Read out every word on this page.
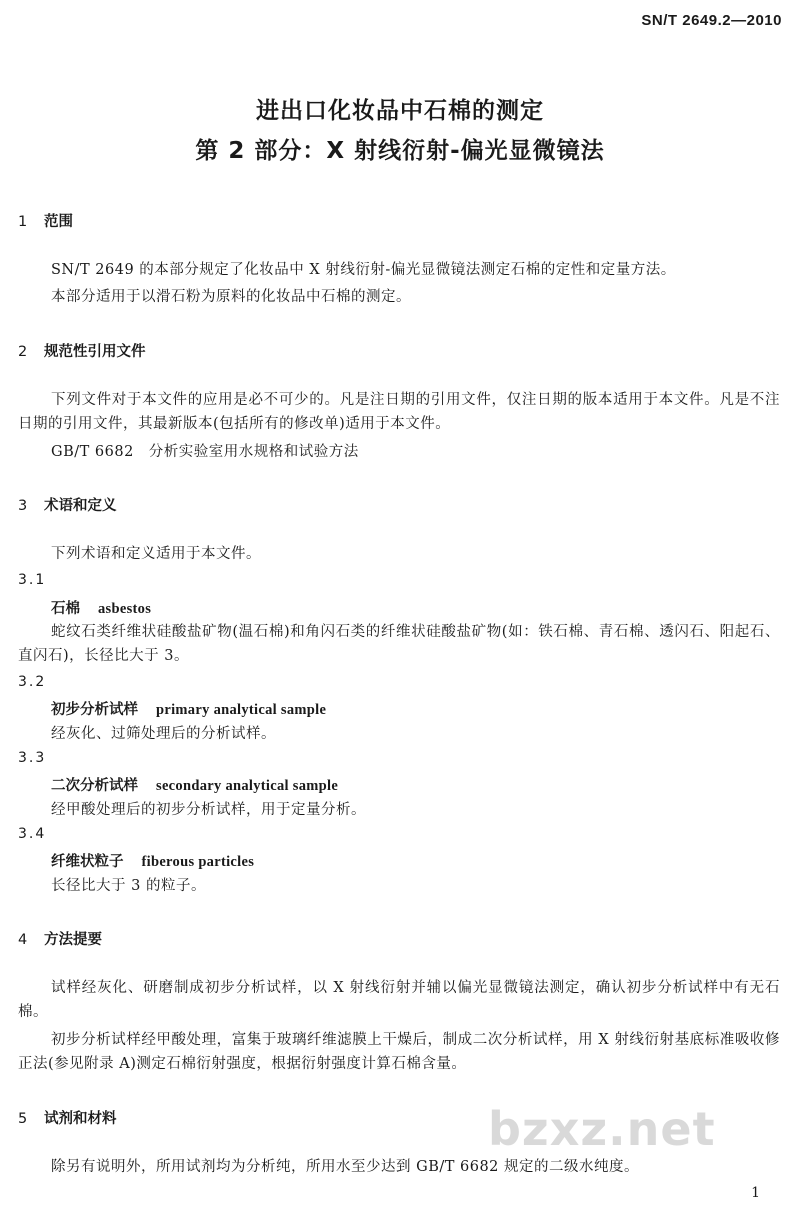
SN/T 2649.2—2010
进出口化妆品中石棉的测定
第 2 部分：X 射线衍射-偏光显微镜法
1 范围

SN/T 2649 的本部分规定了化妆品中 X 射线衍射-偏光显微镜法测定石棉的定性和定量方法。

本部分适用于以滑石粉为原料的化妆品中石棉的测定。

2 规范性引用文件

下列文件对于本文件的应用是必不可少的。凡是注日期的引用文件，仅注日期的版本适用于本文件。凡是不注日期的引用文件，其最新版本(包括所有的修改单)适用于本文件。

GB/T 6682　分析实验室用水规格和试验方法
3 术语和定义

下列术语和定义适用于本文件。

3.1
石棉 asbestos

蛇纹石类纤维状硅酸盐矿物(温石棉)和角闪石类的纤维状硅酸盐矿物(如：铁石棉、青石棉、透闪石、阳起石、直闪石)，长径比大于 3。

3.2
初步分析试样 primary analytical sample

经灰化、过筛处理后的分析试样。

3.3
二次分析试样 secondary analytical sample

经甲酸处理后的初步分析试样，用于定量分析。

3.4
纤维状粒子 fiberous particles

长径比大于 3 的粒子。

4 方法提要

试样经灰化、研磨制成初步分析试样，以 X 射线衍射并辅以偏光显微镜法测定，确认初步分析试样中有无石棉。

初步分析试样经甲酸处理，富集于玻璃纤维滤膜上干燥后，制成二次分析试样，用 X 射线衍射基底标准吸收修正法(参见附录 A)测定石棉衍射强度，根据衍射强度计算石棉含量。

5 试剂和材料

除另有说明外，所用试剂均为分析纯，所用水至少达到 GB/T 6682 规定的二级水纯度。

bzxz.net
1
